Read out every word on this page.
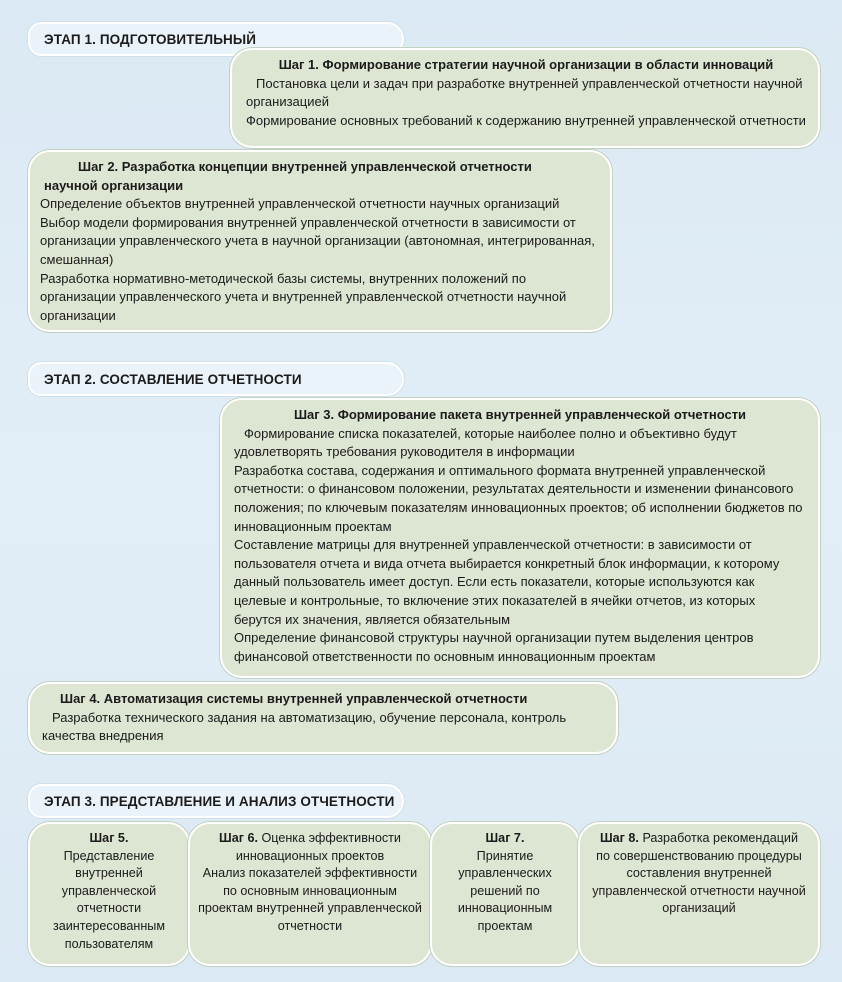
ЭТАП 1. ПОДГОТОВИТЕЛЬНЫЙ
Шаг 1. Формирование стратегии научной организации в области инноваций
Постановка цели и задач при разработке внутренней управленческой отчетности научной организацией
Формирование основных требований к содержанию внутренней управленческой отчетности
Шаг 2. Разработка концепции внутренней управленческой отчетности
научной организации
Определение объектов внутренней управленческой отчетности научных организаций
Выбор модели формирования внутренней управленческой отчетности в зависимости от организации управленческого учета в научной организации (автономная, интегрированная, смешанная)
Разработка нормативно-методической базы системы, внутренних положений по организации управленческого учета и внутренней управленческой отчетности научной организации
ЭТАП 2. СОСТАВЛЕНИЕ ОТЧЕТНОСТИ
Шаг 3. Формирование пакета внутренней управленческой отчетности
Формирование списка показателей, которые наиболее полно и объективно будут удовлетворять требования руководителя в информации
Разработка состава, содержания и оптимального формата внутренней управленческой отчетности: о финансовом положении, результатах деятельности и изменении финансового положения; по ключевым показателям инновационных проектов; об исполнении бюджетов по инновационным проектам
Составление матрицы для внутренней управленческой отчетности: в зависимости от пользователя отчета и вида отчета выбирается конкретный блок информации, к которому данный пользователь имеет доступ. Если есть показатели, которые используются как целевые и контрольные, то включение этих показателей в ячейки отчетов, из которых берутся их значения, является обязательным
Определение финансовой структуры научной организации путем выделения центров финансовой ответственности по основным инновационным проектам
Шаг 4. Автоматизация системы внутренней управленческой отчетности
Разработка технического задания на автоматизацию, обучение персонала, контроль качества внедрения
ЭТАП 3. ПРЕДСТАВЛЕНИЕ И АНАЛИЗ ОТЧЕТНОСТИ
Шаг 5.
Представление внутренней управленческой отчетности заинтересованным пользователям
Шаг 6. Оценка эффективности инновационных проектов
Анализ показателей эффективности по основным инновационным проектам внутренней управленческой отчетности
Шаг 7.
Принятие управленческих решений по инновационным проектам
Шаг 8. Разработка рекомендаций по совершенствованию процедуры составления внутренней управленческой отчетности научной организаций
